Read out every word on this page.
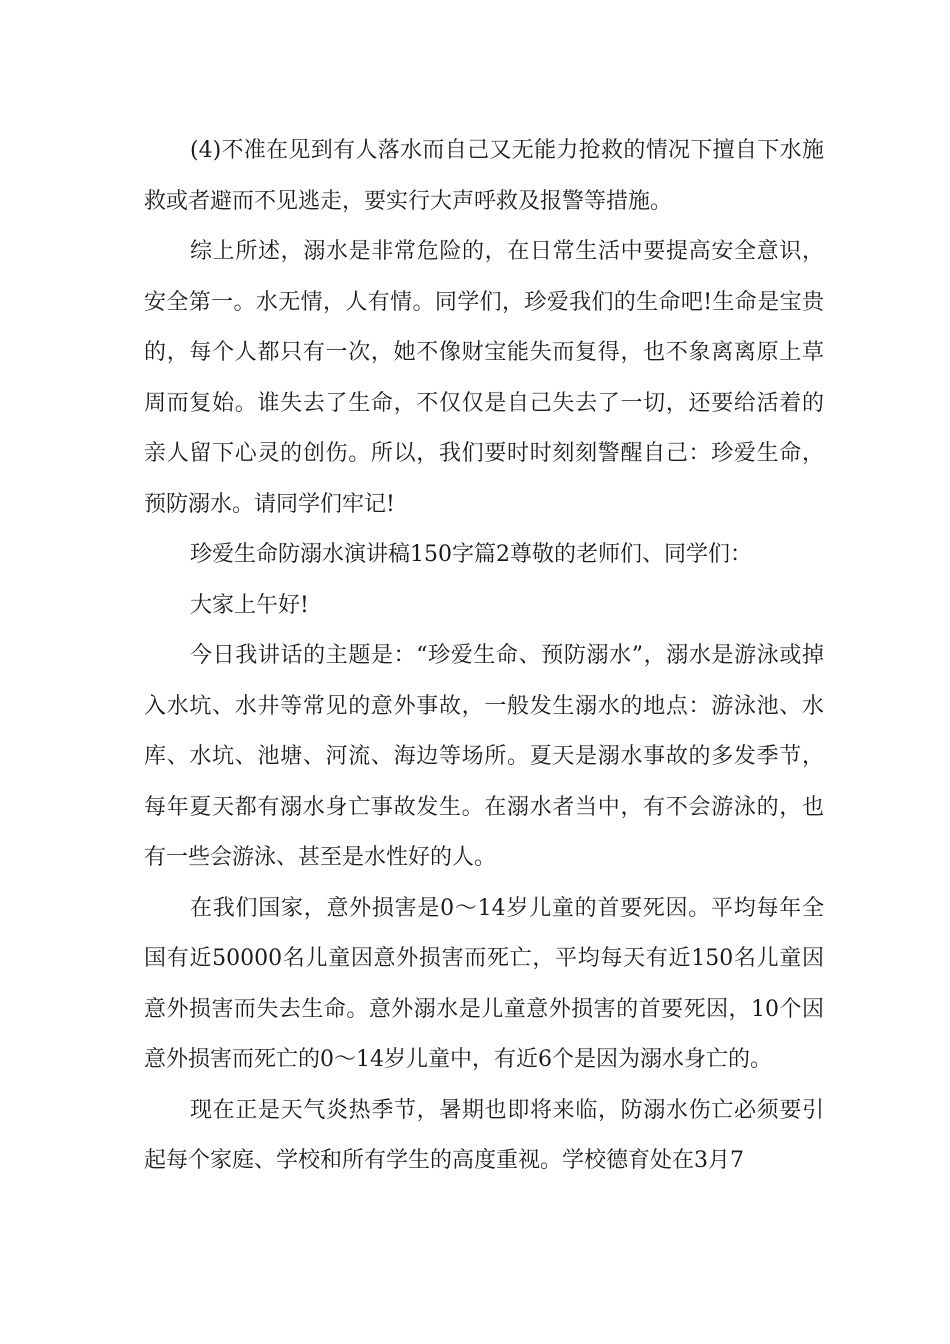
(4)不准在见到有人落水而自己又无能力抢救的情况下擅自下水施救或者避而不见逃走，要实行大声呼救及报警等措施。

综上所述，溺水是非常危险的，在日常生活中要提高安全意识，安全第一。水无情，人有情。同学们，珍爱我们的生命吧!生命是宝贵的，每个人都只有一次，她不像财宝能失而复得，也不象离离原上草周而复始。谁失去了生命，不仅仅是自己失去了一切，还要给活着的亲人留下心灵的创伤。所以，我们要时时刻刻警醒自己：珍爱生命，预防溺水。请同学们牢记!

珍爱生命防溺水演讲稿150字篇2尊敬的老师们、同学们：

大家上午好!

今日我讲话的主题是：“珍爱生命、预防溺水”，溺水是游泳或掉入水坑、水井等常见的意外事故，一般发生溺水的地点：游泳池、水库、水坑、池塘、河流、海边等场所。夏天是溺水事故的多发季节，每年夏天都有溺水身亡事故发生。在溺水者当中，有不会游泳的，也有一些会游泳、甚至是水性好的人。

在我们国家，意外损害是0～14岁儿童的首要死因。平均每年全国有近50000名儿童因意外损害而死亡，平均每天有近150名儿童因意外损害而失去生命。意外溺水是儿童意外损害的首要死因，10个因意外损害而死亡的0～14岁儿童中，有近6个是因为溺水身亡的。

现在正是天气炎热季节，暑期也即将来临，防溺水伤亡必须要引起每个家庭、学校和所有学生的高度重视。学校德育处在3月7
